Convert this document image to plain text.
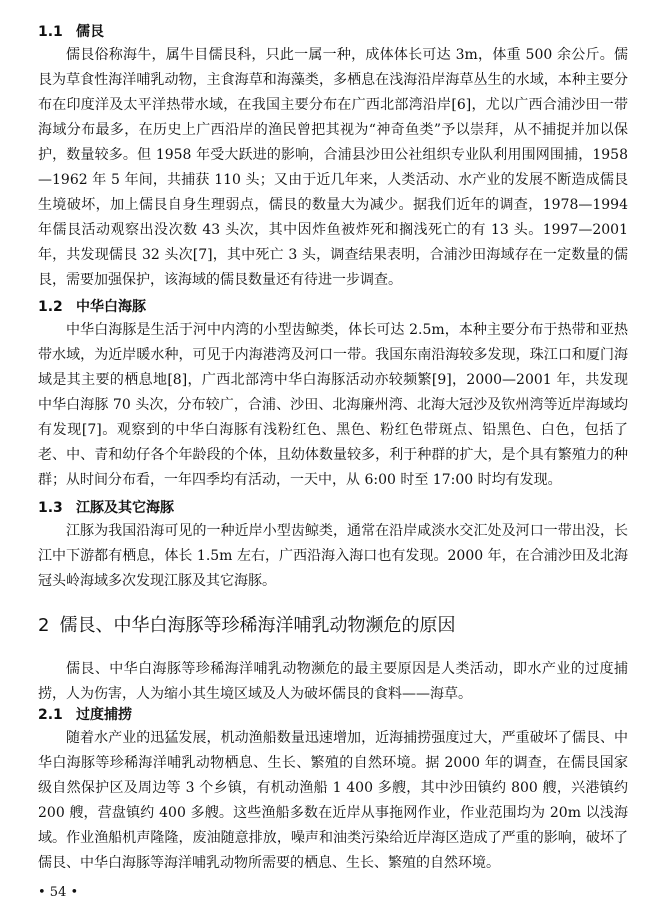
1.1 儒艮

儒艮俗称海牛，属牛目儒艮科，只此一属一种，成体体长可达 3m，体重 500 余公斤。儒艮为草食性海洋哺乳动物，主食海草和海藻类，多栖息在浅海沿岸海草丛生的水域，本种主要分布在印度洋及太平洋热带水域，在我国主要分布在广西北部湾沿岸[6]，尤以广西合浦沙田一带海域分布最多，在历史上广西沿岸的渔民曾把其视为“神奇鱼类”予以崇拜，从不捕捉并加以保护，数量较多。但 1958 年受大跃进的影响，合浦县沙田公社组织专业队利用围网围捕，1958—1962 年 5 年间，共捕获 110 头；又由于近几年来，人类活动、水产业的发展不断造成儒艮生境破坏，加上儒艮自身生理弱点，儒艮的数量大为减少。据我们近年的调查，1978—1994 年儒艮活动观察出没次数 43 头次，其中因炸鱼被炸死和搁浅死亡的有 13 头。1997—2001 年，共发现儒艮 32 头次[7]，其中死亡 3 头，调查结果表明，合浦沙田海域存在一定数量的儒艮，需要加强保护，该海域的儒艮数量还有待进一步调查。

1.2 中华白海豚

中华白海豚是生活于河中内湾的小型齿鲸类，体长可达 2.5m，本种主要分布于热带和亚热带水域，为近岸暖水种，可见于内海港湾及河口一带。我国东南沿海较多发现，珠江口和厦门海域是其主要的栖息地[8]，广西北部湾中华白海豚活动亦较频繁[9]，2000—2001 年，共发现中华白海豚 70 头次，分布较广，合浦、沙田、北海廉州湾、北海大冠沙及钦州湾等近岸海域均有发现[7]。观察到的中华白海豚有浅粉红色、黑色、粉红色带斑点、铅黑色、白色，包括了老、中、青和幼仔各个年龄段的个体，且幼体数量较多，利于种群的扩大，是个具有繁殖力的种群；从时间分布看，一年四季均有活动，一天中，从 6:00 时至 17:00 时均有发现。

1.3 江豚及其它海豚

江豚为我国沿海可见的一种近岸小型齿鲸类，通常在沿岸咸淡水交汇处及河口一带出没，长江中下游都有栖息，体长 1.5m 左右，广西沿海入海口也有发现。2000 年，在合浦沙田及北海冠头岭海域多次发现江豚及其它海豚。

2 儒艮、中华白海豚等珍稀海洋哺乳动物濒危的原因

儒艮、中华白海豚等珍稀海洋哺乳动物濒危的最主要原因是人类活动，即水产业的过度捕捞，人为伤害，人为缩小其生境区域及人为破坏儒艮的食料——海草。

2.1 过度捕捞

随着水产业的迅猛发展，机动渔船数量迅速增加，近海捕捞强度过大，严重破坏了儒艮、中华白海豚等珍稀海洋哺乳动物栖息、生长、繁殖的自然环境。据 2000 年的调查，在儒艮国家级自然保护区及周边等 3 个乡镇，有机动渔船 1 400 多艘，其中沙田镇约 800 艘，兴港镇约 200 艘，营盘镇约 400 多艘。这些渔船多数在近岸从事拖网作业，作业范围均为 20m 以浅海域。作业渔船机声隆隆，废油随意排放，噪声和油类污染给近岸海区造成了严重的影响，破坏了儒艮、中华白海豚等海洋哺乳动物所需要的栖息、生长、繁殖的自然环境。

• 54 •
